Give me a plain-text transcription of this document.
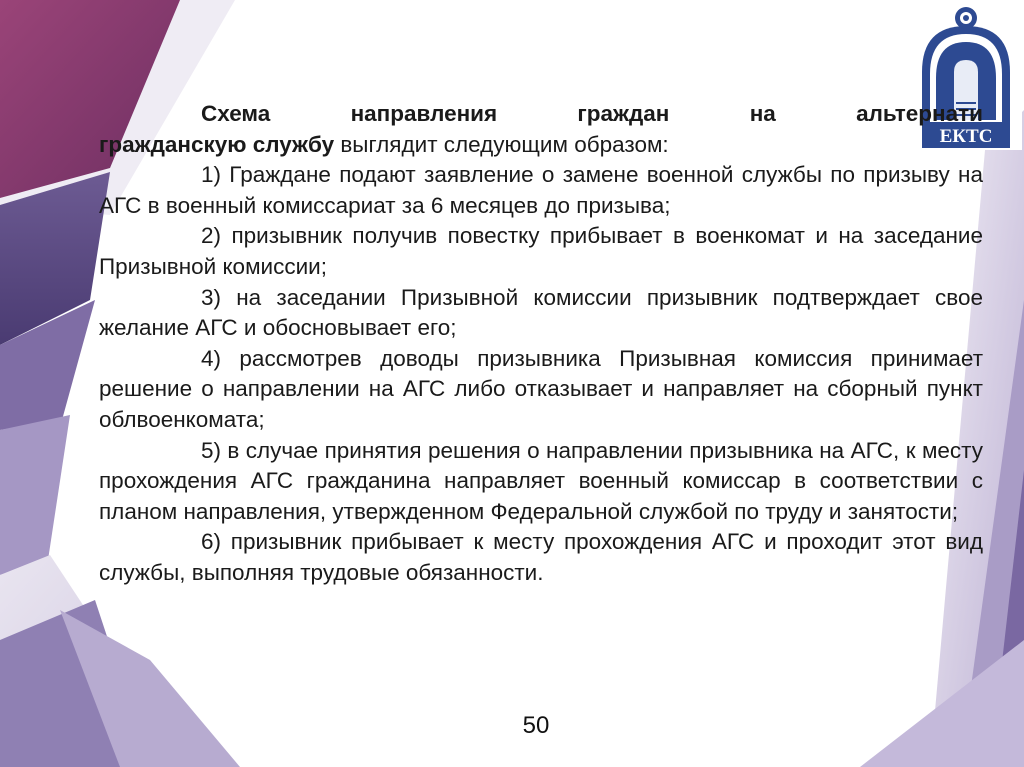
ЕКТС

Схема направления граждан на альтернати

гражданскую службу выглядит следующим образом:

1) Граждане подают заявление о замене военной службы по призыву на АГС в военный комиссариат за 6 месяцев до призыва;

2) призывник получив повестку прибывает в военкомат и на заседание Призывной комиссии;

3) на заседании Призывной комиссии призывник подтверждает свое желание АГС и обосновывает его;

4) рассмотрев доводы призывника Призывная комиссия принимает решение о направлении на АГС либо отказывает и направляет на сборный пункт облвоенкомата;

5) в случае принятия решения о направлении призывника на АГС, к месту прохождения АГС гражданина направляет военный комиссар в соответствии с планом направления, утвержденном Федеральной службой по труду и занятости;

6) призывник прибывает к месту прохождения АГС и проходит этот вид службы, выполняя трудовые обязанности.

50
